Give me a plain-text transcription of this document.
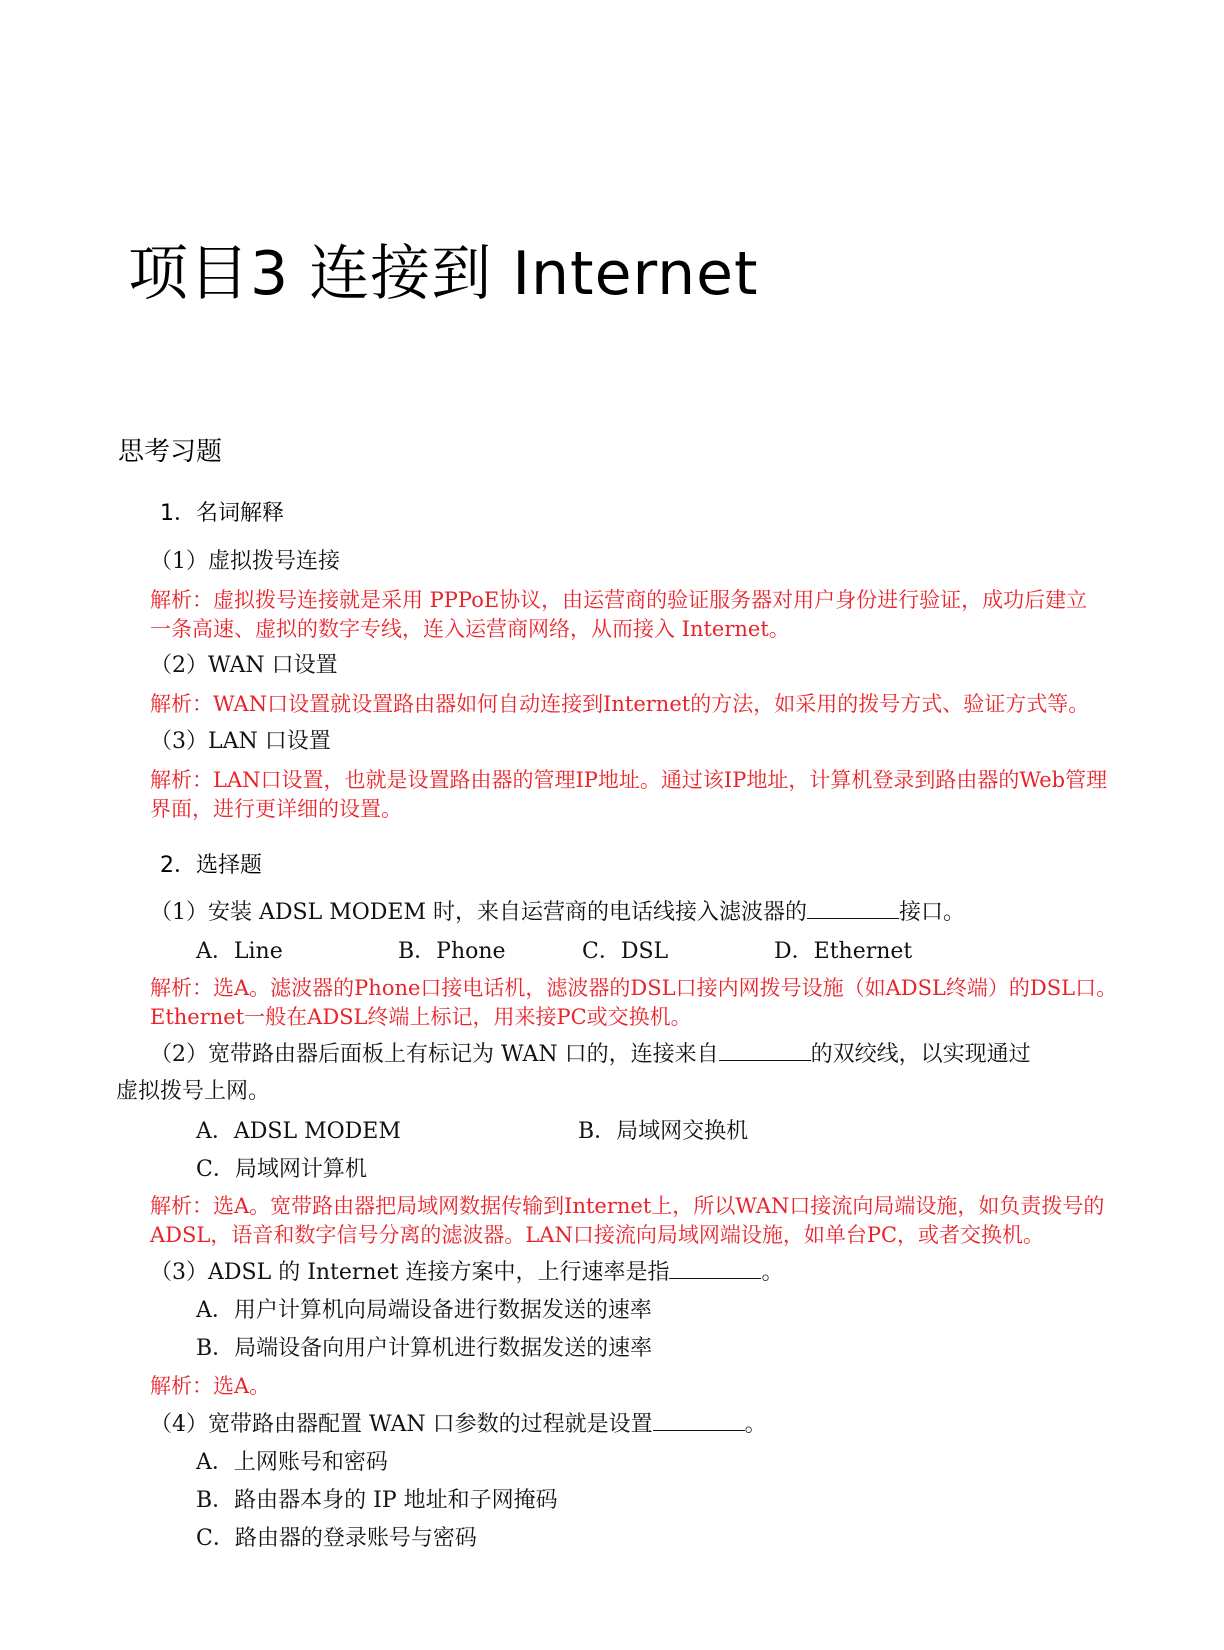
项目3 连接到 Internet
思考习题
1．名词解释
（1）虚拟拨号连接
解析：虚拟拨号连接就是采用 PPPoE协议，由运营商的验证服务器对用户身份进行验证，成功后建立
一条高速、虚拟的数字专线，连入运营商网络，从而接入 Internet。
（2）WAN 口设置
解析：WAN口设置就设置路由器如何自动连接到Internet的方法，如采用的拨号方式、验证方式等。
（3）LAN 口设置
解析：LAN口设置，也就是设置路由器的管理IP地址。通过该IP地址，计算机登录到路由器的Web管理
界面，进行更详细的设置。
2．选择题
（1）安装 ADSL MODEM 时，来自运营商的电话线接入滤波器的	接口。
A．Line	B．Phone	C．DSL	D．Ethernet
解析：选A。滤波器的Phone口接电话机，滤波器的DSL口接内网拨号设施（如ADSL终端）的DSL口。
Ethernet一般在ADSL终端上标记，用来接PC或交换机。
（2）宽带路由器后面板上有标记为 WAN 口的，连接来自	的双绞线，以实现通过
虚拟拨号上网。
A．ADSL MODEM	B．局域网交换机
C．局域网计算机
解析：选A。宽带路由器把局域网数据传输到Internet上，所以WAN口接流向局端设施，如负责拨号的
ADSL，语音和数字信号分离的滤波器。LAN口接流向局域网端设施，如单台PC，或者交换机。
（3）ADSL 的 Internet 连接方案中，上行速率是指	。
A．用户计算机向局端设备进行数据发送的速率
B．局端设备向用户计算机进行数据发送的速率
解析：选A。
（4）宽带路由器配置 WAN 口参数的过程就是设置	。
A．上网账号和密码
B．路由器本身的 IP 地址和子网掩码
C．路由器的登录账号与密码
